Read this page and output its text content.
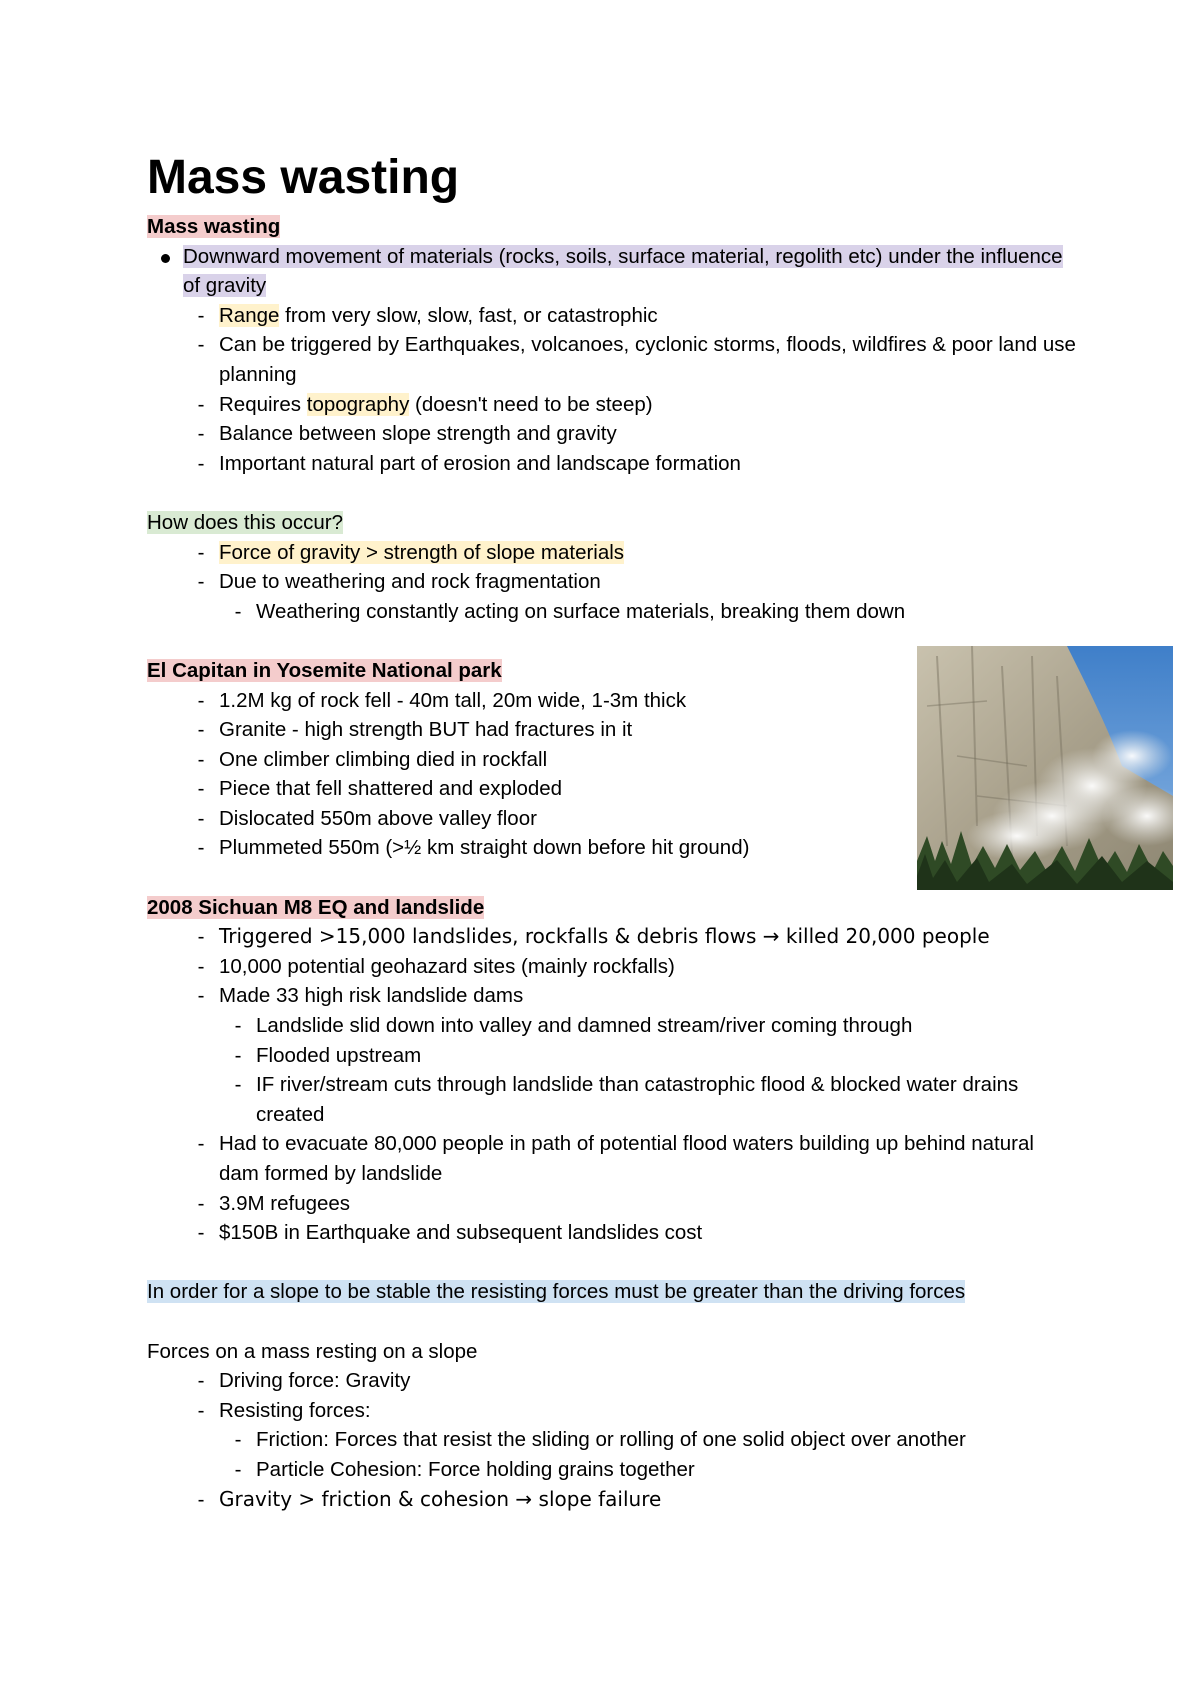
Mass wasting
Mass wasting
Downward movement of materials (rocks, soils, surface material, regolith etc) under the influence of gravity
- Range from very slow, slow, fast, or catastrophic
- Can be triggered by Earthquakes, volcanoes, cyclonic storms, floods, wildfires & poor land use planning
- Requires topography (doesn't need to be steep)
- Balance between slope strength and gravity
- Important natural part of erosion and landscape formation
How does this occur?
- Force of gravity > strength of slope materials
- Due to weathering and rock fragmentation
- Weathering constantly acting on surface materials, breaking them down
El Capitan in Yosemite National park
- 1.2M kg of rock fell - 40m tall, 20m wide, 1-3m thick
- Granite - high strength BUT had fractures in it
- One climber climbing died in rockfall
- Piece that fell shattered and exploded
- Dislocated 550m above valley floor
- Plummeted 550m (>½ km straight down before hit ground)
2008 Sichuan M8 EQ and landslide
- Triggered >15,000 landslides, rockfalls & debris flows → killed 20,000 people
- 10,000 potential geohazard sites (mainly rockfalls)
- Made 33 high risk landslide dams
- Landslide slid down into valley and damned stream/river coming through
- Flooded upstream
- IF river/stream cuts through landslide than catastrophic flood & blocked water drains created
- Had to evacuate 80,000 people in path of potential flood waters building up behind natural dam formed by landslide
- 3.9M refugees
- $150B in Earthquake and subsequent landslides cost
In order for a slope to be stable the resisting forces must be greater than the driving forces
Forces on a mass resting on a slope
- Driving force: Gravity
- Resisting forces:
- Friction: Forces that resist the sliding or rolling of one solid object over another
- Particle Cohesion: Force holding grains together
- Gravity > friction & cohesion → slope failure
